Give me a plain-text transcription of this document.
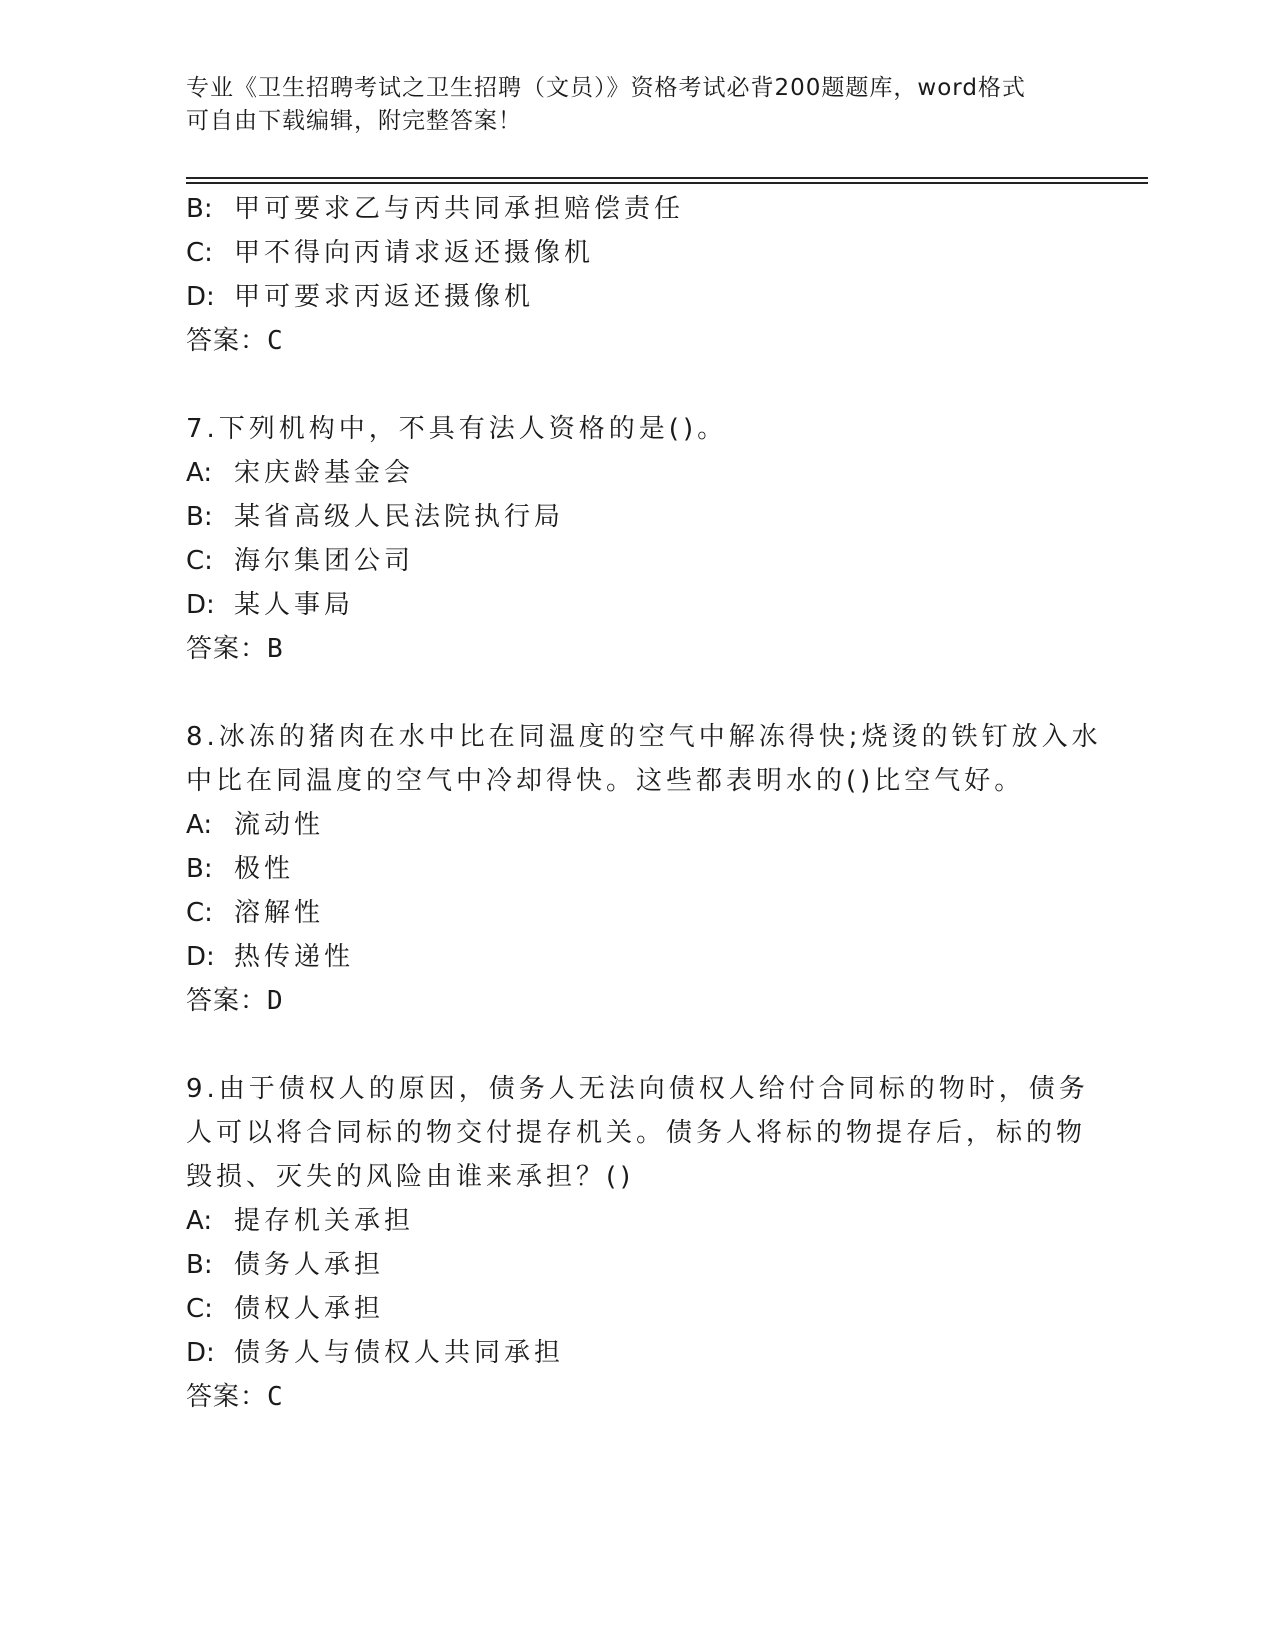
专业《卫生招聘考试之卫生招聘（文员）》资格考试必背200题题库，word格式
可自由下载编辑，附完整答案！
B: 甲可要求乙与丙共同承担赔偿责任
C: 甲不得向丙请求返还摄像机
D: 甲可要求丙返还摄像机
答案：C
7.下列机构中，不具有法人资格的是()。
A: 宋庆龄基金会
B: 某省高级人民法院执行局
C: 海尔集团公司
D: 某人事局
答案：B
8.冰冻的猪肉在水中比在同温度的空气中解冻得快;烧烫的铁钉放入水
中比在同温度的空气中冷却得快。这些都表明水的()比空气好。
A: 流动性
B: 极性
C: 溶解性
D: 热传递性
答案：D
9.由于债权人的原因，债务人无法向债权人给付合同标的物时，债务
人可以将合同标的物交付提存机关。债务人将标的物提存后，标的物
毁损、灭失的风险由谁来承担？()
A: 提存机关承担
B: 债务人承担
C: 债权人承担
D: 债务人与债权人共同承担
答案：C
